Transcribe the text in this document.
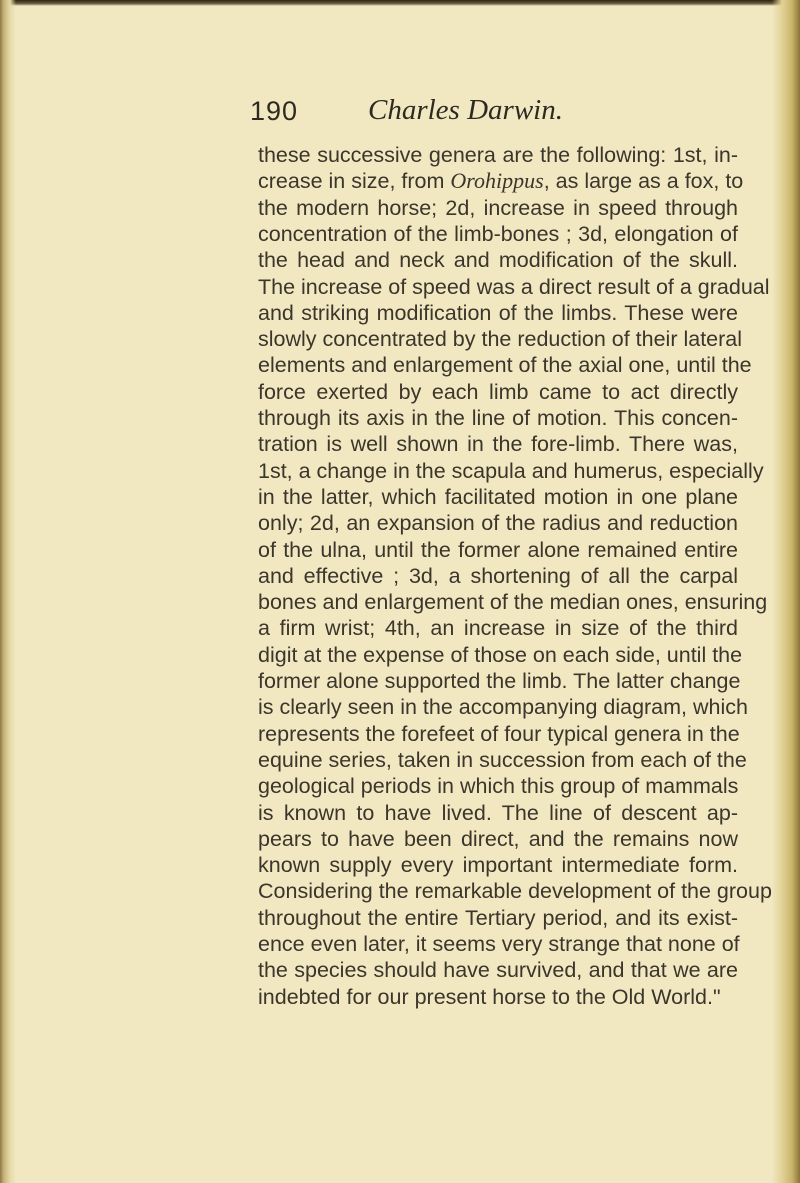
190 Charles Darwin.
these successive genera are the following: 1st, in-
crease in size, from Orohippus, as large as a fox, to
the modern horse; 2d, increase in speed through
concentration of the limb-bones ; 3d, elongation of
the head and neck and modification of the skull.
The increase of speed was a direct result of a gradual
and striking modification of the limbs. These were
slowly concentrated by the reduction of their lateral
elements and enlargement of the axial one, until the
force exerted by each limb came to act directly
through its axis in the line of motion. This concen-
tration is well shown in the fore-limb. There was,
1st, a change in the scapula and humerus, especially
in the latter, which facilitated motion in one plane
only; 2d, an expansion of the radius and reduction
of the ulna, until the former alone remained entire
and effective ; 3d, a shortening of all the carpal
bones and enlargement of the median ones, ensuring
a firm wrist; 4th, an increase in size of the third
digit at the expense of those on each side, until the
former alone supported the limb. The latter change
is clearly seen in the accompanying diagram, which
represents the forefeet of four typical genera in the
equine series, taken in succession from each of the
geological periods in which this group of mammals
is known to have lived. The line of descent ap-
pears to have been direct, and the remains now
known supply every important intermediate form.
Considering the remarkable development of the group
throughout the entire Tertiary period, and its exist-
ence even later, it seems very strange that none of
the species should have survived, and that we are
indebted for our present horse to the Old World."
